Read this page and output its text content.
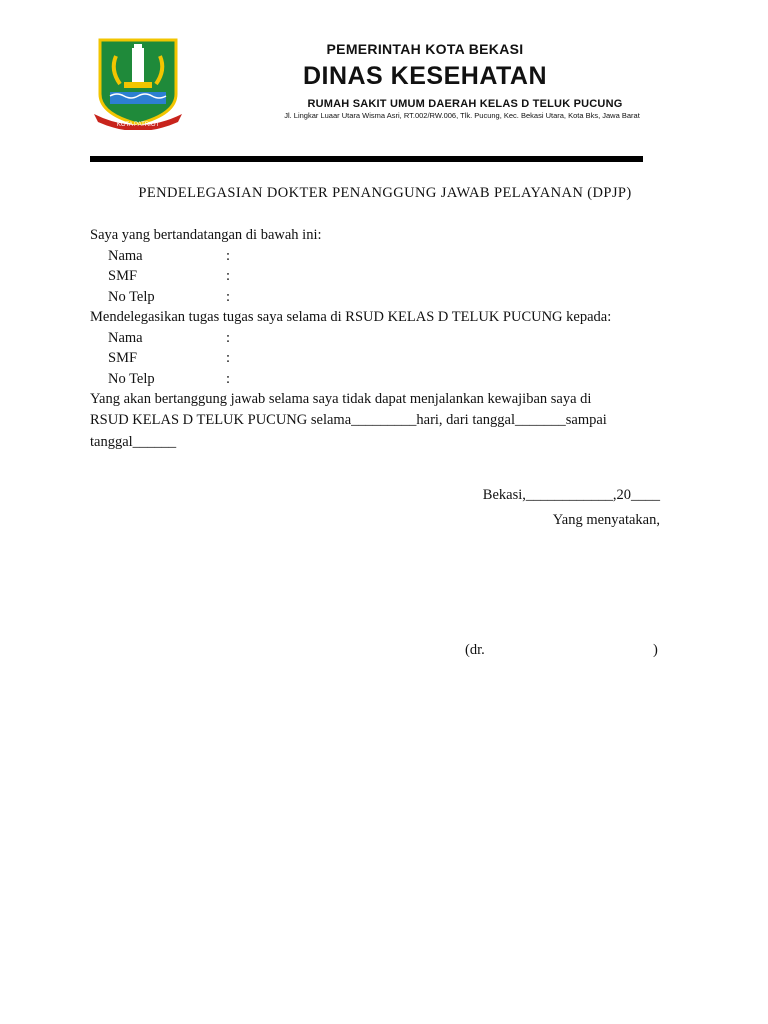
KOTA PATRIOT
PEMERINTAH KOTA BEKASI
DINAS KESEHATAN
RUMAH SAKIT UMUM DAERAH KELAS D TELUK PUCUNG
Jl. Lingkar Luaar Utara Wisma Asri, RT.002/RW.006, Tlk. Pucung, Kec. Bekasi Utara, Kota Bks, Jawa Barat
PENDELEGASIAN DOKTER PENANGGUNG JAWAB PELAYANAN (DPJP)
Saya yang bertandatangan di bawah ini:
Nama	:
SMF	:
No Telp	:
Mendelegasikan tugas tugas saya selama di RSUD KELAS D TELUK PUCUNG kepada:
Nama	:
SMF	:
No Telp	:
Yang akan bertanggung jawab selama saya tidak dapat menjalankan kewajiban saya di
RSUD KELAS D TELUK PUCUNG selama_________hari, dari tanggal_______sampai
tanggal______
Bekasi,____________,20____
Yang menyatakan,
(dr.	)
